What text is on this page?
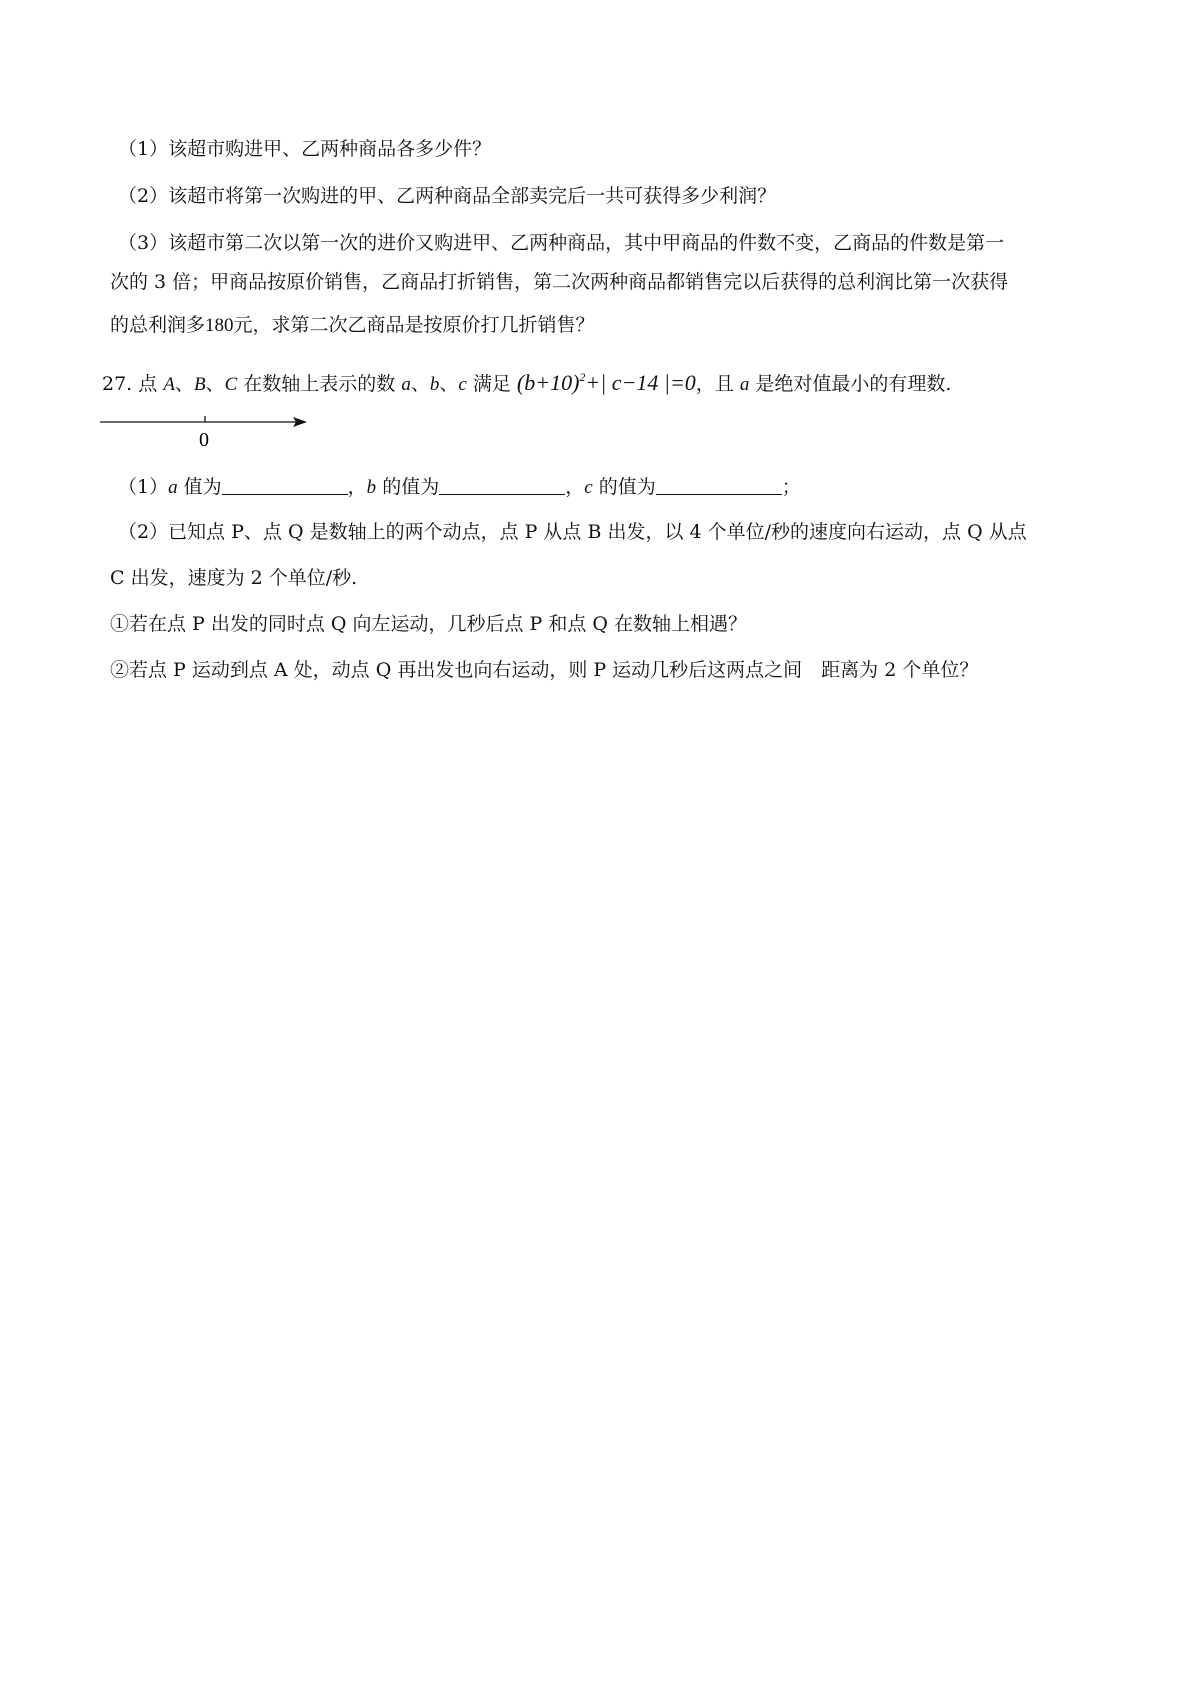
（1）该超市购进甲、乙两种商品各多少件？
（2）该超市将第一次购进的甲、乙两种商品全部卖完后一共可获得多少利润？
（3）该超市第二次以第一次的进价又购进甲、乙两种商品，其中甲商品的件数不变，乙商品的件数是第一
次的 3 倍；甲商品按原价销售，乙商品打折销售，第二次两种商品都销售完以后获得的总利润比第一次获得
的总利润多180元，求第二次乙商品是按原价打几折销售？
27. 点 A、B、C 在数轴上表示的数 a、b、c 满足 $(b+10)^2+|$ c−14 |=0，且 a 是绝对值最小的有理数.
0
（1）a 值为	，b 的值为	，c 的值为	；
（2）已知点 P、点 Q 是数轴上的两个动点，点 P 从点 B 出发，以 4 个单位/秒的速度向右运动，点 Q 从点
C 出发，速度为 2 个单位/秒.
①若在点 P 出发的同时点 Q 向左运动，几秒后点 P 和点 Q 在数轴上相遇？
②若点 P 运动到点 A 处，动点 Q 再出发也向右运动，则 P 运动几秒后这两点之间　距离为 2 个单位？
